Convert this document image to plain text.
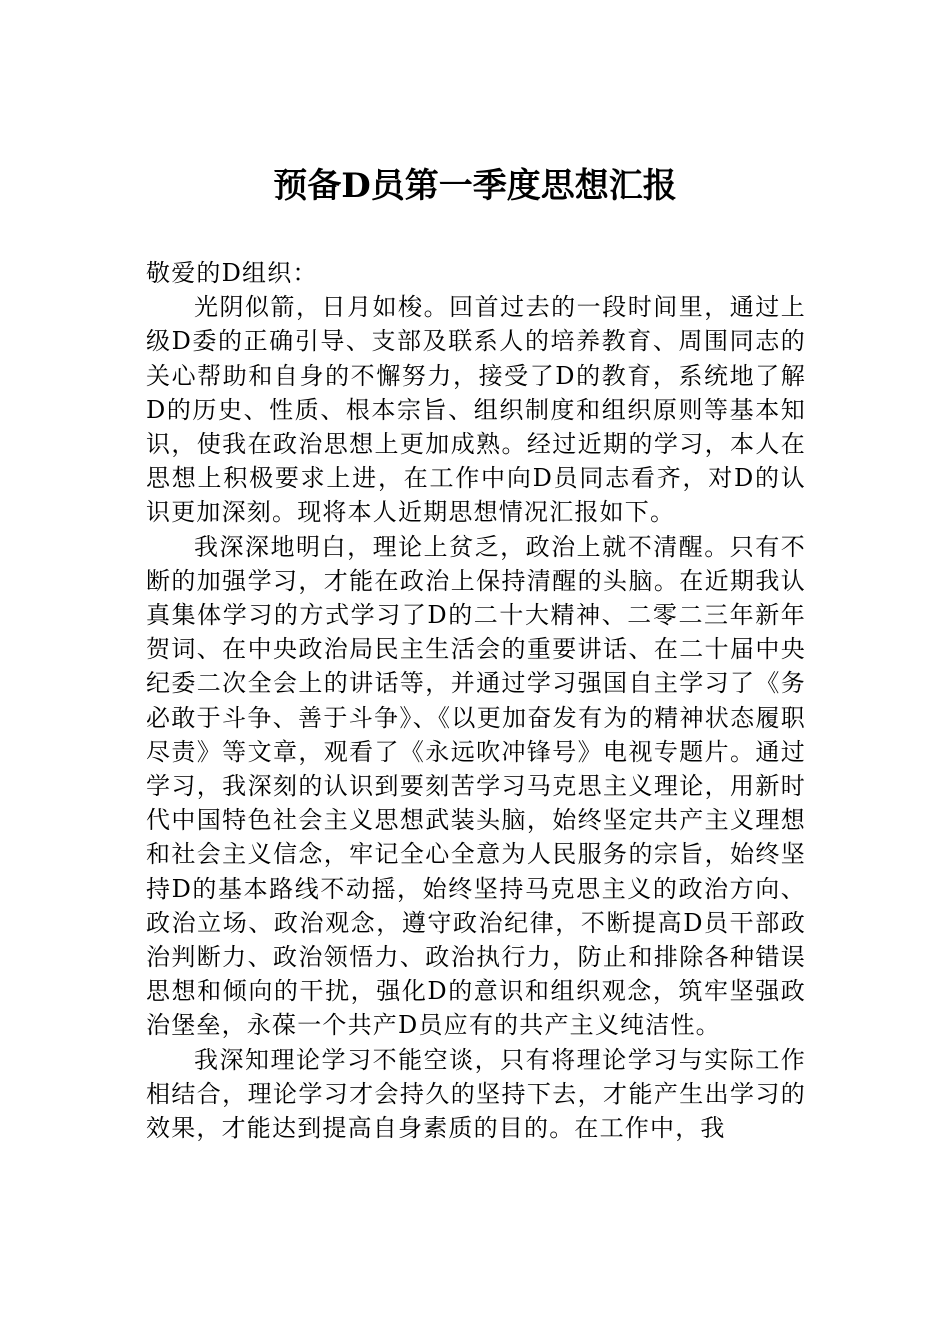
预备D员第一季度思想汇报

敬爱的D组织：

光阴似箭，日月如梭。回首过去的一段时间里，通过上级D委的正确引导、支部及联系人的培养教育、周围同志的关心帮助和自身的不懈努力，接受了D的教育，系统地了解D的历史、性质、根本宗旨、组织制度和组织原则等基本知识，使我在政治思想上更加成熟。经过近期的学习，本人在思想上积极要求上进，在工作中向D员同志看齐，对D的认识更加深刻。现将本人近期思想情况汇报如下。

我深深地明白，理论上贫乏，政治上就不清醒。只有不断的加强学习，才能在政治上保持清醒的头脑。在近期我认真集体学习的方式学习了D的二十大精神、二零二三年新年贺词、在中央政治局民主生活会的重要讲话、在二十届中央纪委二次全会上的讲话等，并通过学习强国自主学习了《务必敢于斗争、善于斗争》、《以更加奋发有为的精神状态履职尽责》等文章，观看了《永远吹冲锋号》电视专题片。通过学习，我深刻的认识到要刻苦学习马克思主义理论，用新时代中国特色社会主义思想武装头脑，始终坚定共产主义理想和社会主义信念，牢记全心全意为人民服务的宗旨，始终坚持D的基本路线不动摇，始终坚持马克思主义的政治方向、政治立场、政治观念，遵守政治纪律，不断提高D员干部政治判断力、政治领悟力、政治执行力，防止和排除各种错误思想和倾向的干扰，强化D的意识和组织观念，筑牢坚强政治堡垒，永葆一个共产D员应有的共产主义纯洁性。

我深知理论学习不能空谈，只有将理论学习与实际工作相结合，理论学习才会持久的坚持下去，才能产生出学习的效果，才能达到提高自身素质的目的。在工作中，我
